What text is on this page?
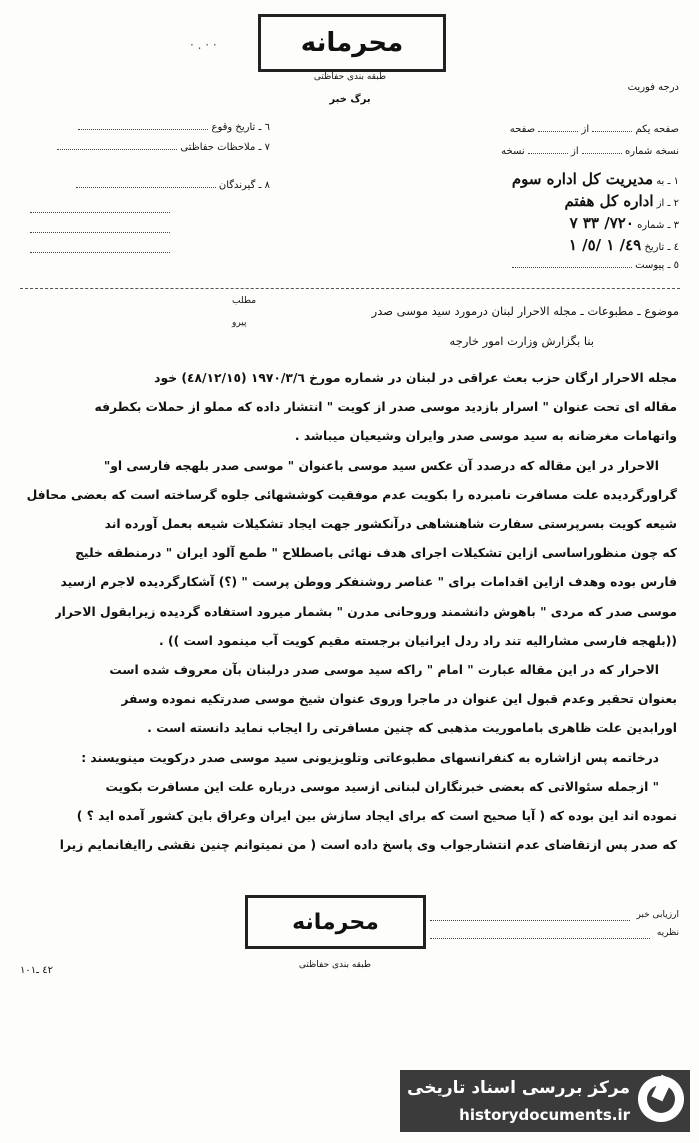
· . · ·	محرمانه
طبقه بندی حفاظتی
برگ خبر
درجه فوریت
٦ ـ تاریخ وقوع
٧ ـ ملاحظات حفاظتی
٨ ـ گیرندگان
صفحه یکم  از  صفحه
نسخه شماره  از  نسخه
١ ـ به مدیریت کل اداره سوم
٢ ـ از اداره کل هفتم
٣ ـ شماره ٧٢٠/ ٣٣ ٧
٤ ـ تاریخ ٤٩/ ١ /٥/ ١
٥ ـ پیوست
مطلب
پیرو
موضوع ـ مطبوعات ـ مجله الاحرار لبنان درمورد سید موسی صدر
بنا بگزارش وزارت امور خارجه
مجله الاحرار ارگان حزب بعث عراقی در لبنان در شماره مورخ ١٩٧٠/٣/٦ (٤٨/١٢/١٥) خود
مقاله ای تحت عنوان " اسرار بازدید موسی صدر از کویت " انتشار داده که مملو از حملات بکطرفه
واتهامات مغرضانه به سید موسی صدر وایران وشیعیان میباشد .
الاحرار در این مقاله که درصدد آن عکس سید موسی باعنوان " موسی صدر بلهجه فارسی او"
گراورگردیده علت مسافرت نامبرده را بکویت عدم موفقیت کوششهائی جلوه گرساخته است که بعضی محافل
شیعه کویت بسرپرستی سفارت شاهنشاهی درآنکشور جهت ایجاد تشکیلات شیعه بعمل آورده اند
که چون منظوراساسی ازاین تشکیلات اجرای هدف نهائی باصطلاح " طمع آلود ایران " درمنطقه خلیج
فارس بوده وهدف ازاین اقدامات برای " عناصر روشنفکر ووطن پرست " (؟) آشکارگردیده لاجرم ازسید
موسی صدر که مردی " باهوش دانشمند وروحانی مدرن " بشمار میرود استفاده گردیده زیرابقول الاحرار
((بلهجه فارسی مشارالیه تند راد ردل ایرانیان برجسته مقیم کویت آب مینمود است )) .
الاحرار که در این مقاله عبارت " امام " راکه سید موسی صدر درلبنان بآن معروف شده است
بعنوان تحقیر وعدم قبول این عنوان در ماجرا وروی عنوان شیخ موسی صدرتکیه نموده وسفر
اورابدین علت ظاهری باماموریت مذهبی که چنین مسافرتی را ایجاب نماید دانسته است .
درخاتمه پس ازاشاره به کنفرانسهای مطبوعاتی وتلویزیونی سید موسی صدر درکویت مینویسند :
" ازجمله سئوالاتی که بعضی خبرنگاران لبنانی ازسید موسی درباره علت این مسافرت بکویت
نموده اند این بوده که ( آیا صحیح است که برای ایجاد سازش بین ایران وعراق باین کشور آمده اید ؟ )
که صدر پس ازتقاضای عدم انتشارجواب وی پاسخ داده است ( من نمیتوانم چنین نقشی راایفانمایم زیرا
ارزیابی خبر
نظریه
محرمانه
طبقه بندی حفاظتی
٤٢ ـ١٠١
مرکز بررسی اسناد تاریخی
historydocuments.ir
